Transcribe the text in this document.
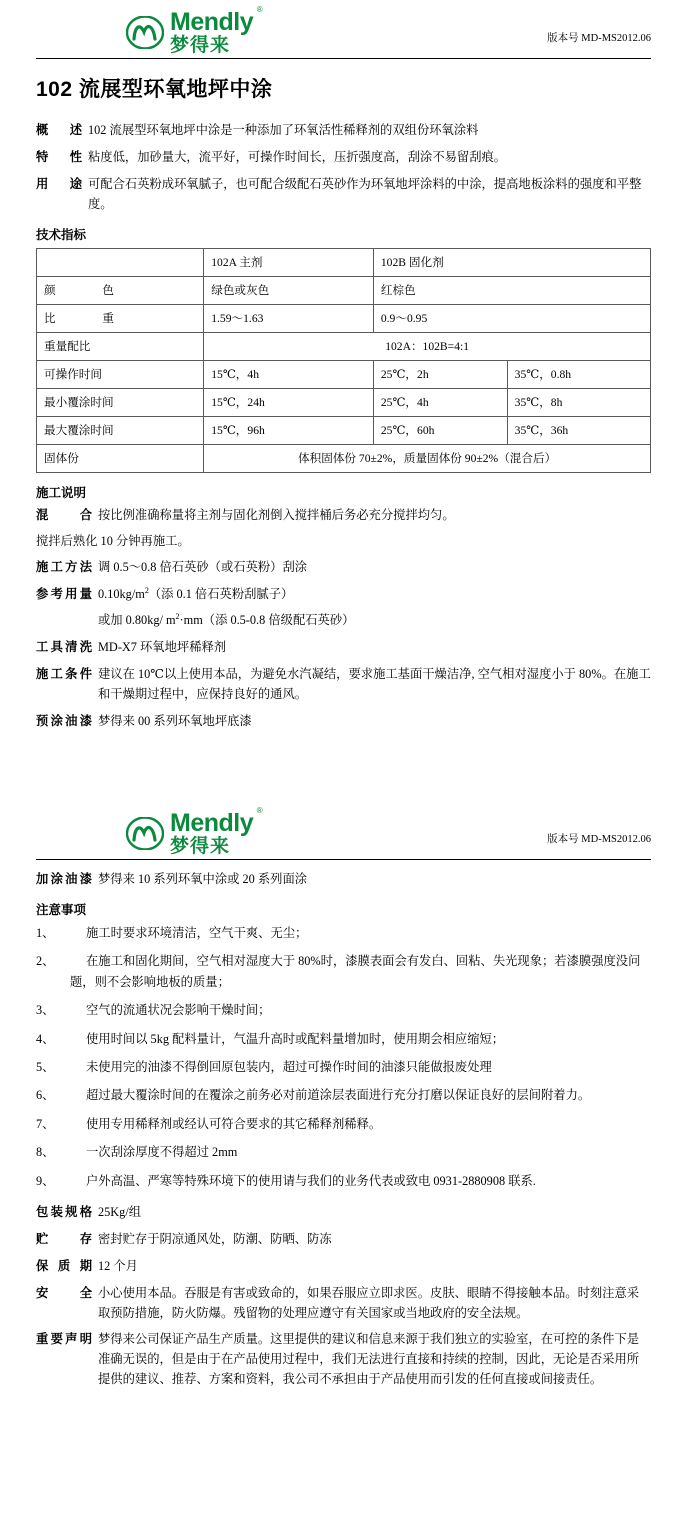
Mendly ®
梦得来	版本号 MD-MS2012.06
102 流展型环氧地坪中涂
概述 102 流展型环氧地坪中涂是一种添加了环氧活性稀释剂的双组份环氧涂料
特性 粘度低，加砂量大，流平好，可操作时间长，压折强度高，刮涂不易留刮痕。
用途 可配合石英粉成环氧腻子，也可配合级配石英砂作为环氧地坪涂料的中涂，提高地板涂料的强度和平整度。
技术指标
	102A 主剂	102B 固化剂	
颜　　色	绿色或灰色	红棕色	
比　　重	1.59～1.63	0.9～0.95	
重量配比	102A：102B=4:1		
可操作时间	15℃，4h	25℃，2h	35℃，0.8h
最小覆涂时间	15℃，24h	25℃，4h	35℃，8h
最大覆涂时间	15℃，96h	25℃，60h	35℃，36h
固体份	体积固体份 70±2%，质量固体份 90±2%（混合后）		
施工说明
混　　合 按比例准确称量将主剂与固化剂倒入搅拌桶后务必充分搅拌均匀。
搅拌后熟化 10 分钟再施工。
施工方法 调 0.5～0.8 倍石英砂（或石英粉）刮涂
参考用量 $0.10kg/m^2$（添 0.1 倍石英粉刮腻子）
或加 0.80kg/ $m^2\cdot mm$（添 0.5-0.8 倍级配石英砂）
工具清洗 MD-X7 环氧地坪稀释剂
施工条件 建议在 10℃以上使用本品，为避免水汽凝结，要求施工基面干燥洁净, 空气相对湿度小于 80%。在施工和干燥期过程中，应保持良好的通风。
预涂油漆 梦得来 00 系列环氧地坪底漆
Mendly ®
梦得来	版本号 MD-MS2012.06
加涂油漆 梦得来 10 系列环氧中涂或 20 系列面涂
注意事项
1、	施工时要求环境清洁，空气干爽、无尘；
2、	在施工和固化期间，空气相对湿度大于 80%时，漆膜表面会有发白、回粘、失光现象；若漆膜强度没问题，则不会影响地板的质量；
3、	空气的流通状况会影响干燥时间；
4、	使用时间以 5kg 配料量计，气温升高时或配料量增加时，使用期会相应缩短；
5、	未使用完的油漆不得倒回原包装内，超过可操作时间的油漆只能做报废处理
6、	超过最大覆涂时间的在覆涂之前务必对前道涂层表面进行充分打磨以保证良好的层间附着力。
7、	使用专用稀释剂或经认可符合要求的其它稀释剂稀释。
8、	一次刮涂厚度不得超过 2mm
9、	户外高温、严寒等特殊环境下的使用请与我们的业务代表或致电 0931-2880908 联系.
包装规格 25Kg/组
贮　　存 密封贮存于阴凉通风处，防潮、防晒、防冻
保 质 期 12 个月
安　　全 小心使用本品。吞服是有害或致命的，如果吞服应立即求医。皮肤、眼睛不得接触本品。时刻注意采取预防措施，防火防爆。残留物的处理应遵守有关国家或当地政府的安全法规。
重要声明 梦得来公司保证产品生产质量。这里提供的建议和信息来源于我们独立的实验室，在可控的条件下是准确无误的，但是由于在产品使用过程中，我们无法进行直接和持续的控制，因此，无论是否采用所提供的建议、推荐、方案和资料，我公司不承担由于产品使用而引发的任何直接或间接责任。
